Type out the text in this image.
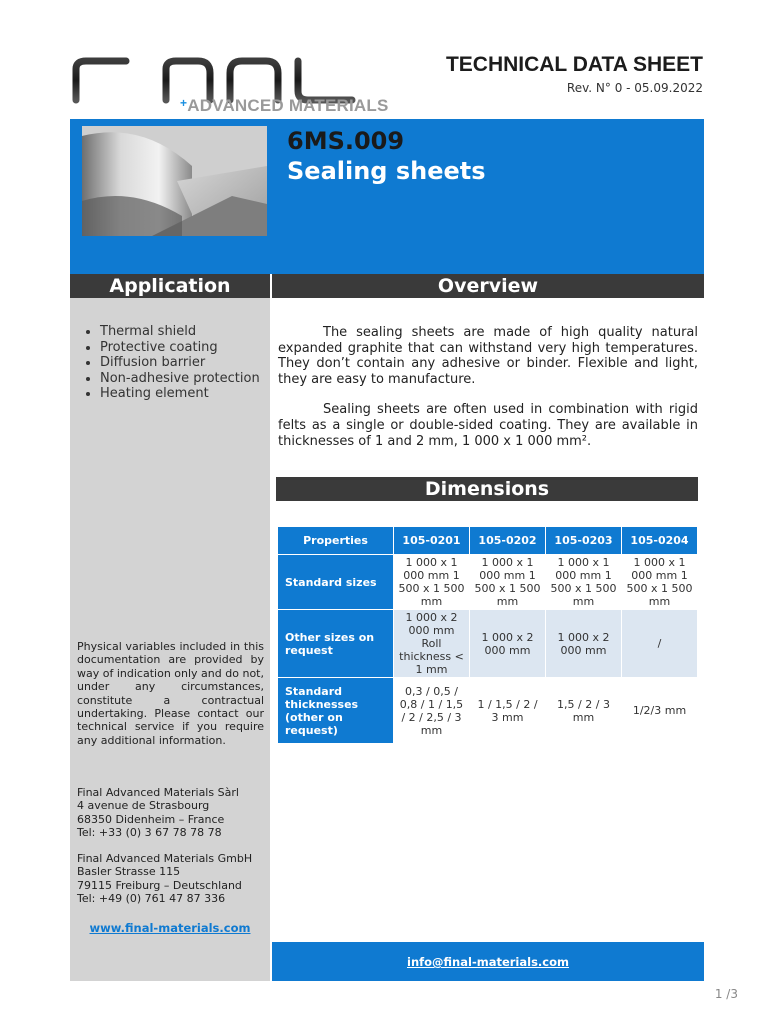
+ADVANCED MATERIALS
TECHNICAL DATA SHEET
Rev. N° 0 - 05.09.2022
6MS.009
Sealing sheets
Application	Overview
• Thermal shield
• Protective coating
• Diffusion barrier
• Non-adhesive protection
• Heating element
Physical variables included in this documentation are provided by way of indication only and do not, under any circumstances, constitute a contractual undertaking. Please contact our technical service if you require any additional information.
Final Advanced Materials Sàrl
4 avenue de Strasbourg
68350 Didenheim – France
Tel: +33 (0) 3 67 78 78 78
Final Advanced Materials GmbH
Basler Strasse 115
79115 Freiburg – Deutschland
Tel: +49 (0) 761 47 87 336
www.final-materials.com

The sealing sheets are made of high quality natural expanded graphite that can withstand very high temperatures. They don’t contain any adhesive or binder. Flexible and light, they are easy to manufacture.

Sealing sheets are often used in combination with rigid felts as a single or double-sided coating. They are available in thicknesses of 1 and 2 mm, 1 000 x 1 000 mm².

Dimensions
Properties	105-0201	105-0202	105-0203	105-0204
Standard sizes	1 000 x 1 000 mm 1 500 x 1 500 mm	1 000 x 1 000 mm 1 500 x 1 500 mm	1 000 x 1 000 mm 1 500 x 1 500 mm	1 000 x 1 000 mm 1 500 x 1 500 mm
Other sizes on request	1 000 x 2 000 mm Roll thickness < 1 mm	1 000 x 2 000 mm	1 000 x 2 000 mm	/
Standard thicknesses (other on request)	0,3 / 0,5 / 0,8 / 1 / 1,5 / 2 / 2,5 / 3 mm	1 / 1,5 / 2 / 3 mm	1,5 / 2 / 3 mm	1/2/3 mm
info@final-materials.com
1 /3
